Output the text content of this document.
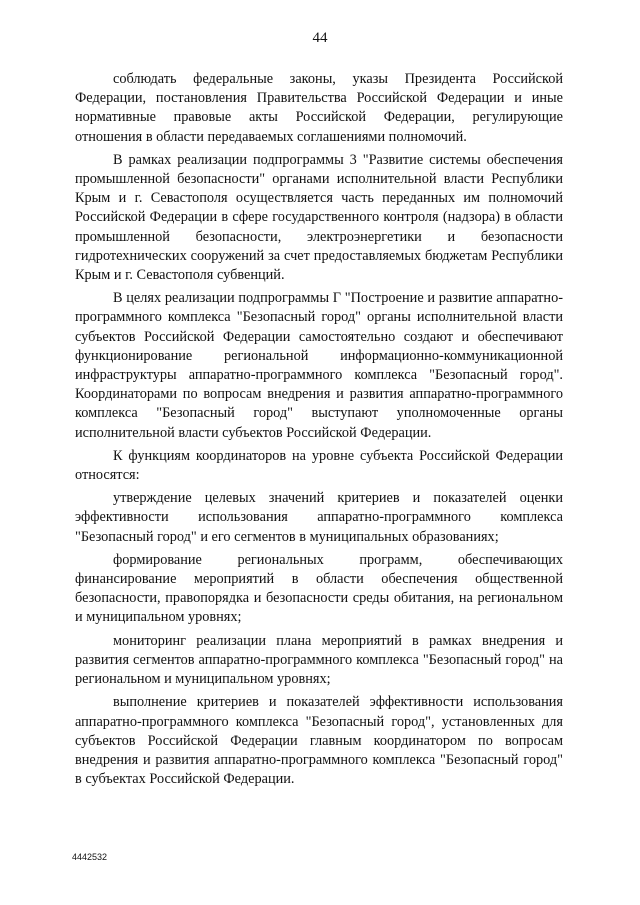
44

соблюдать федеральные законы, указы Президента Российской Федерации, постановления Правительства Российской Федерации и иные нормативные правовые акты Российской Федерации, регулирующие отношения в области передаваемых соглашениями полномочий.

В рамках реализации подпрограммы 3 "Развитие системы обеспечения промышленной безопасности" органами исполнительной власти Республики Крым и г. Севастополя осуществляется часть переданных им полномочий Российской Федерации в сфере государственного контроля (надзора) в области промышленной безопасности, электроэнергетики и безопасности гидротехнических сооружений за счет предоставляемых бюджетам Республики Крым и г. Севастополя субвенций.

В целях реализации подпрограммы Г "Построение и развитие аппаратно-программного комплекса "Безопасный город" органы исполнительной власти субъектов Российской Федерации самостоятельно создают и обеспечивают функционирование региональной информационно-коммуникационной инфраструктуры аппаратно-программного комплекса "Безопасный город". Координаторами по вопросам внедрения и развития аппаратно-программного комплекса "Безопасный город" выступают уполномоченные органы исполнительной власти субъектов Российской Федерации.

К функциям координаторов на уровне субъекта Российской Федерации относятся:

утверждение целевых значений критериев и показателей оценки эффективности использования аппаратно-программного комплекса "Безопасный город" и его сегментов в муниципальных образованиях;

формирование региональных программ, обеспечивающих финансирование мероприятий в области обеспечения общественной безопасности, правопорядка и безопасности среды обитания, на региональном и муниципальном уровнях;

мониторинг реализации плана мероприятий в рамках внедрения и развития сегментов аппаратно-программного комплекса "Безопасный город" на региональном и муниципальном уровнях;

выполнение критериев и показателей эффективности использования аппаратно-программного комплекса "Безопасный город", установленных для субъектов Российской Федерации главным координатором по вопросам внедрения и развития аппаратно-программного комплекса "Безопасный город" в субъектах Российской Федерации.

4442532
